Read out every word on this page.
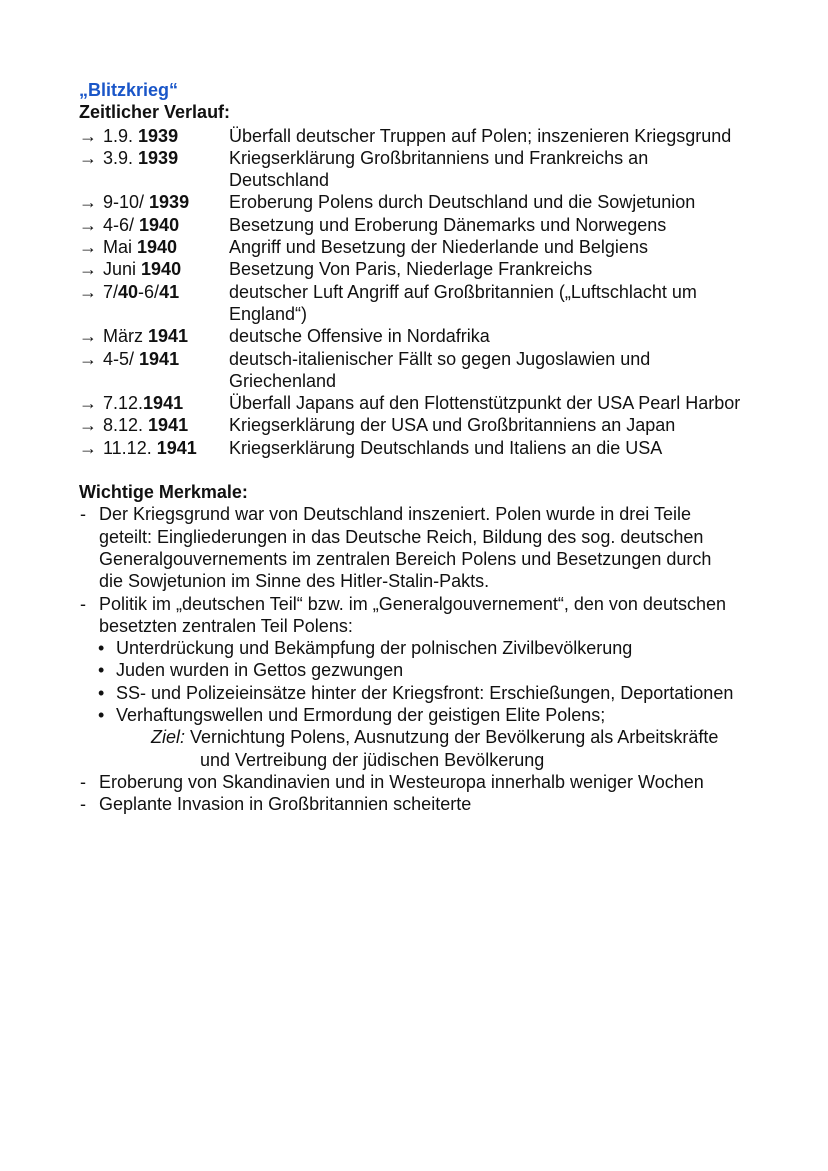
„Blitzkrieg“
Zeitlicher Verlauf:
→ 1.9. 1939	Überfall deutscher Truppen auf Polen; inszenieren Kriegsgrund
→ 3.9. 1939	Kriegserklärung Großbritanniens und Frankreichs an Deutschland
→ 9-10/ 1939	Eroberung Polens durch Deutschland und die Sowjetunion
→ 4-6/ 1940	Besetzung und Eroberung Dänemarks und Norwegens
→ Mai 1940	Angriff und Besetzung der Niederlande und Belgiens
→ Juni 1940	Besetzung Von Paris, Niederlage Frankreichs
→ 7/40-6/41	deutscher Luft Angriff auf Großbritannien („Luftschlacht um England“)
→ März 1941	deutsche Offensive in Nordafrika
→ 4-5/ 1941	deutsch-italienischer Fällt so gegen Jugoslawien und Griechenland
→ 7.12.1941	Überfall Japans auf den Flottenstützpunkt der USA Pearl Harbor
→ 8.12. 1941	Kriegserklärung der USA und Großbritanniens an Japan
→ 11.12. 1941	Kriegserklärung Deutschlands und Italiens an die USA
Wichtige Merkmale:
- Der Kriegsgrund war von Deutschland inszeniert. Polen wurde in drei Teile geteilt: Eingliederungen in das Deutsche Reich, Bildung des sog. deutschen Generalgouvernements im zentralen Bereich Polens und Besetzungen durch die Sowjetunion im Sinne des Hitler-Stalin-Pakts.
- Politik im „deutschen Teil“ bzw. im „Generalgouvernement“, den von deutschen besetzten zentralen Teil Polens:
• Unterdrückung und Bekämpfung der polnischen Zivilbevölkerung
• Juden wurden in Gettos gezwungen
• SS- und Polizeieinsätze hinter der Kriegsfront: Erschießungen, Deportationen
• Verhaftungswellen und Ermordung der geistigen Elite Polens;
Ziel: Vernichtung Polens, Ausnutzung der Bevölkerung als Arbeitskräfte
und Vertreibung der jüdischen Bevölkerung
- Eroberung von Skandinavien und in Westeuropa innerhalb weniger Wochen
- Geplante Invasion in Großbritannien scheiterte
